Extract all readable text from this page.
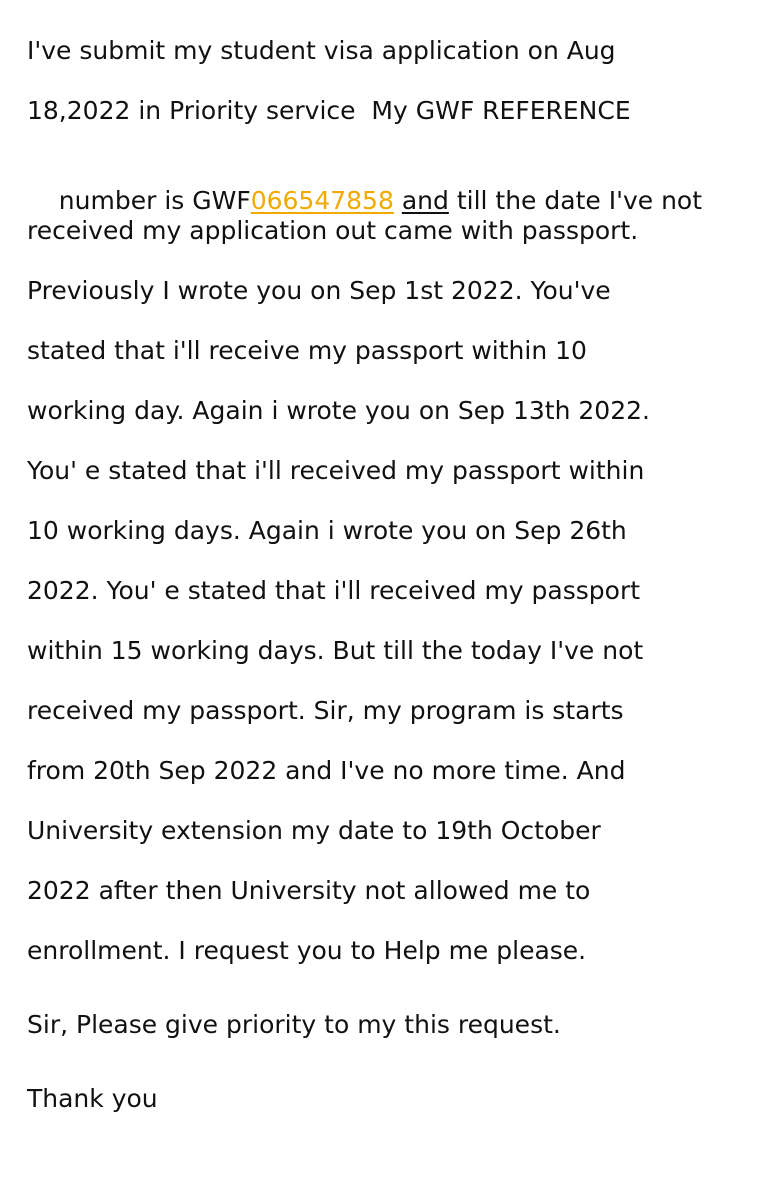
I've submit my student visa application on Aug
18,2022 in Priority service  My GWF REFERENCE

number is GWF066547858 and till the date I've not

received my application out came with passport.
Previously I wrote you on Sep 1st 2022. You've
stated that i'll receive my passport within 10
working day. Again i wrote you on Sep 13th 2022.
You' e stated that i'll received my passport within
10 working days. Again i wrote you on Sep 26th
2022. You' e stated that i'll received my passport
within 15 working days. But till the today I've not
received my passport. Sir, my program is starts
from 20th Sep 2022 and I've no more time. And
University extension my date to 19th October
2022 after then University not allowed me to
enrollment. I request you to Help me please.
Sir, Please give priority to my this request.
Thank you
